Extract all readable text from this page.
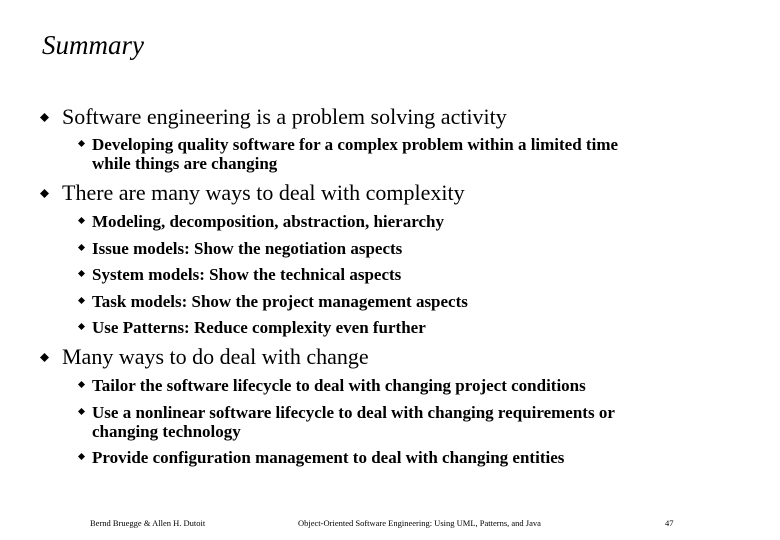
Summary
Software engineering is a problem solving activity
Developing quality software for a complex problem within a limited time
while things are changing
There are many ways to deal with complexity
Modeling, decomposition, abstraction, hierarchy
Issue models: Show the negotiation aspects
System models: Show the technical aspects
Task models: Show the project management aspects
Use Patterns: Reduce complexity even further
Many ways to do deal with change
Tailor the software lifecycle to deal with changing project conditions
Use a nonlinear software lifecycle to deal with changing requirements or
changing technology
Provide configuration management to deal with changing entities
Bernd Bruegge & Allen H. Dutoit	Object-Oriented Software Engineering: Using UML, Patterns, and Java	47
